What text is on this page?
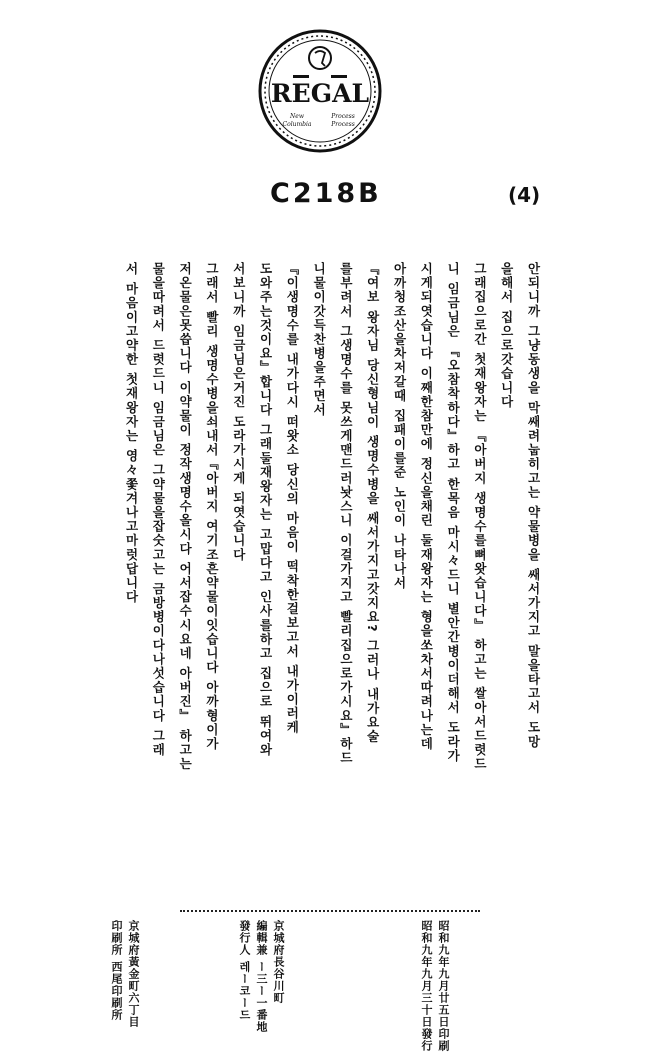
REGAL
New	Process
Columbia	Process
C218B	(4)
안되니까 그냥동생을 막쌔려눕히고는 약물병을 쌔서가지고 말을타고서 도망
을해서 집으로갓습니다
그래집으로간 첫재왕자는 『아버지 생명수를뼈왓습니다』 하고는 쌀아서드렷드
니 임금님은 『오참착하다』하고 한목음 마시々드니 별안간병이더해서 도라가
시게되엿습니다 이째한참만에 정신을채린 둘재왕자는 형을쏘차서따려나는데
아까청조산을차저갈때 집패이를준 노인이 나타나서
『여보 왕자님 당신형님이 생명수병을 쌔서가지고갓지요? 그러나 내가요술
를부려서 그생명수를 못쓰게맨드러놧스니 이걸가지고 빨리집으로가시요』하드
니물이갓득찬병을주면서
『이생명수를 내가다시 떠왓소 당신의 마음이 떡착한걸보고서 내가이러케
도와주는것이요』합니다 그래둘재왕자는 고맙다고 인사를하고 집으로 뛰여와
서보니까 임금님은거진 도라가시게 되엿습니다
그래서 빨리 생명수병을쇠내서『아버지 여기조흔약물이잇습니다 아까형이가
저온물은못씁니다 이약물이 정작생명수올시다 어서잡수시요네 아버진』 하고는
물을따려서 드렷드니 임금님은 그약물을잡숫고는 금방병이다나섯습니다 그래
서 마음이고약한 첫재왕자는 영々쫓겨나고마럿답니다
昭和九年九月廿五日印刷
昭和九年九月三十日發行
京城府長谷川町
編輯兼 ー三ー一番地
發行人 레ー코ー드
京城府黃金町六丁目
印刷所 西尾印刷所
